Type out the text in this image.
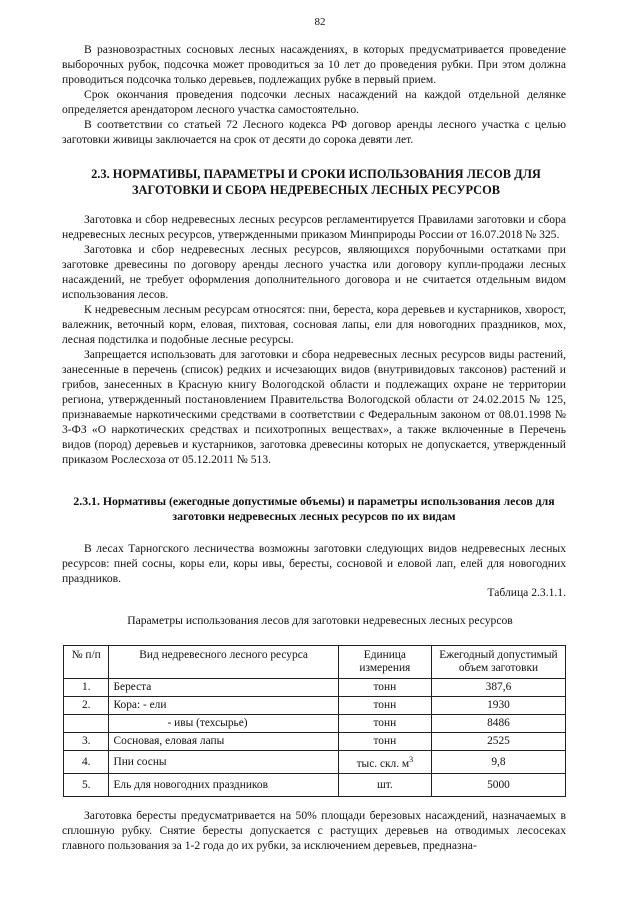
82

В разновозрастных сосновых лесных насаждениях, в которых предусматривается проведение выборочных рубок, подсочка может проводиться за 10 лет до проведения рубки. При этом должна проводиться подсочка только деревьев, подлежащих рубке в первый прием.

Срок окончания проведения подсочки лесных насаждений на каждой отдельной делянке определяется арендатором лесного участка самостоятельно.

В соответствии со статьей 72 Лесного кодекса РФ договор аренды лесного участка с целью заготовки живицы заключается на срок от десяти до сорока девяти лет.

2.3. НОРМАТИВЫ, ПАРАМЕТРЫ И СРОКИ ИСПОЛЬЗОВАНИЯ ЛЕСОВ ДЛЯ ЗАГОТОВКИ И СБОРА НЕДРЕВЕСНЫХ ЛЕСНЫХ РЕСУРСОВ

Заготовка и сбор недревесных лесных ресурсов регламентируется Правилами заготовки и сбора недревесных лесных ресурсов, утвержденными приказом Минприроды России от 16.07.2018 № 325.

Заготовка и сбор недревесных лесных ресурсов, являющихся порубочными остатками при заготовке древесины по договору аренды лесного участка или договору купли-продажи лесных насаждений, не требует оформления дополнительного договора и не считается отдельным видом использования лесов.

К недревесным лесным ресурсам относятся: пни, береста, кора деревьев и кустарников, хворост, валежник, веточный корм, еловая, пихтовая, сосновая лапы, ели для новогодних праздников, мох, лесная подстилка и подобные лесные ресурсы.

Запрещается использовать для заготовки и сбора недревесных лесных ресурсов виды растений, занесенные в перечень (список) редких и исчезающих видов (внутривидовых таксонов) растений и грибов, занесенных в Красную книгу Вологодской области и подлежащих охране не территории региона, утвержденный постановлением Правительства Вологодской области от 24.02.2015 № 125, признаваемые наркотическими средствами в соответствии с Федеральным законом от 08.01.1998 № 3-ФЗ «О наркотических средствах и психотропных веществах», а также включенные в Перечень видов (пород) деревьев и кустарников, заготовка древесины которых не допускается, утвержденный приказом Рослесхоза от 05.12.2011 № 513.

2.3.1. Нормативы (ежегодные допустимые объемы) и параметры использования лесов для заготовки недревесных лесных ресурсов по их видам

В лесах Тарногского лесничества возможны заготовки следующих видов недревесных лесных ресурсов: пней сосны, коры ели, коры ивы, бересты, сосновой и еловой лап, елей для новогодних праздников.

Таблица 2.3.1.1.
Параметры использования лесов для заготовки недревесных лесных ресурсов
№ п/п	Вид недревесного лесного ресурса	Единица измерения	Ежегодный допустимый объем заготовки
1.	Береста	тонн	387,6
2.	Кора: - ели	тонн	1930
	- ивы (техсырье)	тонн	8486
3.	Сосновая, еловая лапы	тонн	2525
4.	Пни сосны	тыс. скл. $м^3$	9,8
5.	Ель для новогодних праздников	шт.	5000

Заготовка бересты предусматривается на 50% площади березовых насаждений, назначаемых в сплошную рубку. Снятие бересты допускается с растущих деревьев на отводимых лесосеках главного пользования за 1-2 года до их рубки, за исключением деревьев, предназна-
